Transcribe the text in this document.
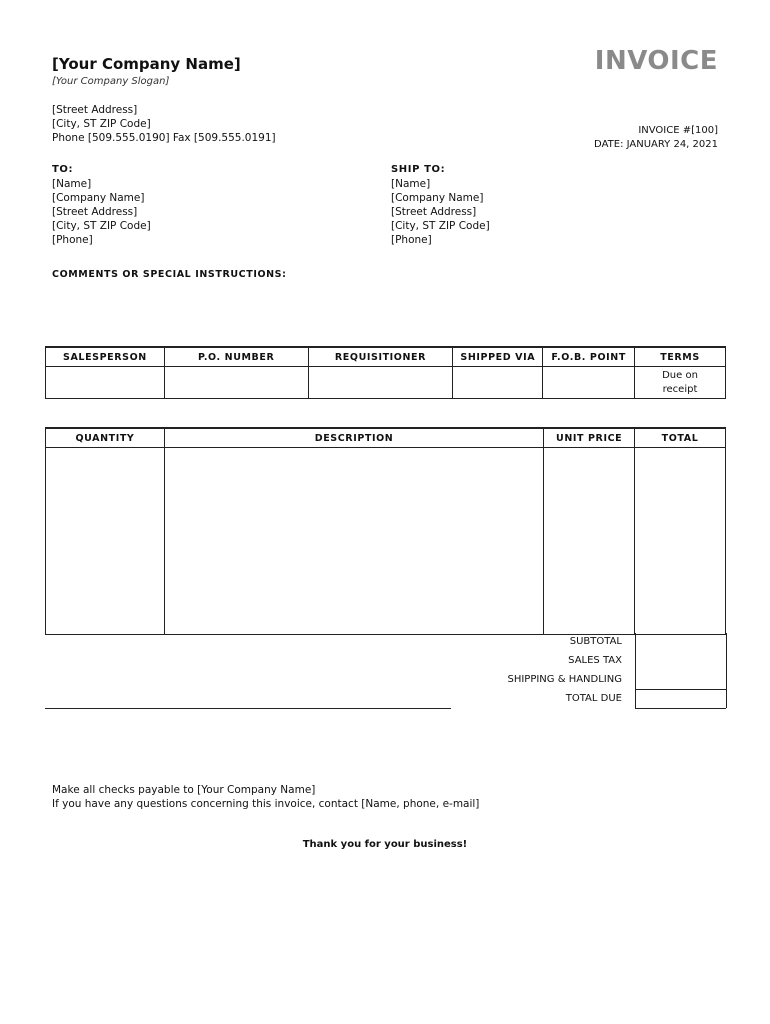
[Your Company Name]
[Your Company Slogan]
[Street Address]
[City, ST ZIP Code]
Phone [509.555.0190] Fax [509.555.0191]
INVOICE
INVOICE #[100]
DATE: JANUARY 24, 2021
TO:
[Name]
[Company Name]
[Street Address]
[City, ST ZIP Code]
[Phone]
SHIP TO:
[Name]
[Company Name]
[Street Address]
[City, ST ZIP Code]
[Phone]
COMMENTS OR SPECIAL INSTRUCTIONS:
SALESPERSON	P.O. NUMBER	REQUISITIONER	SHIPPED VIA	F.O.B. POINT	TERMS
					Due on receipt
QUANTITY	DESCRIPTION	UNIT PRICE	TOTAL

SUBTOTAL
SALES TAX
SHIPPING & HANDLING
TOTAL DUE
Make all checks payable to [Your Company Name]
If you have any questions concerning this invoice, contact [Name, phone, e-mail]
Thank you for your business!
